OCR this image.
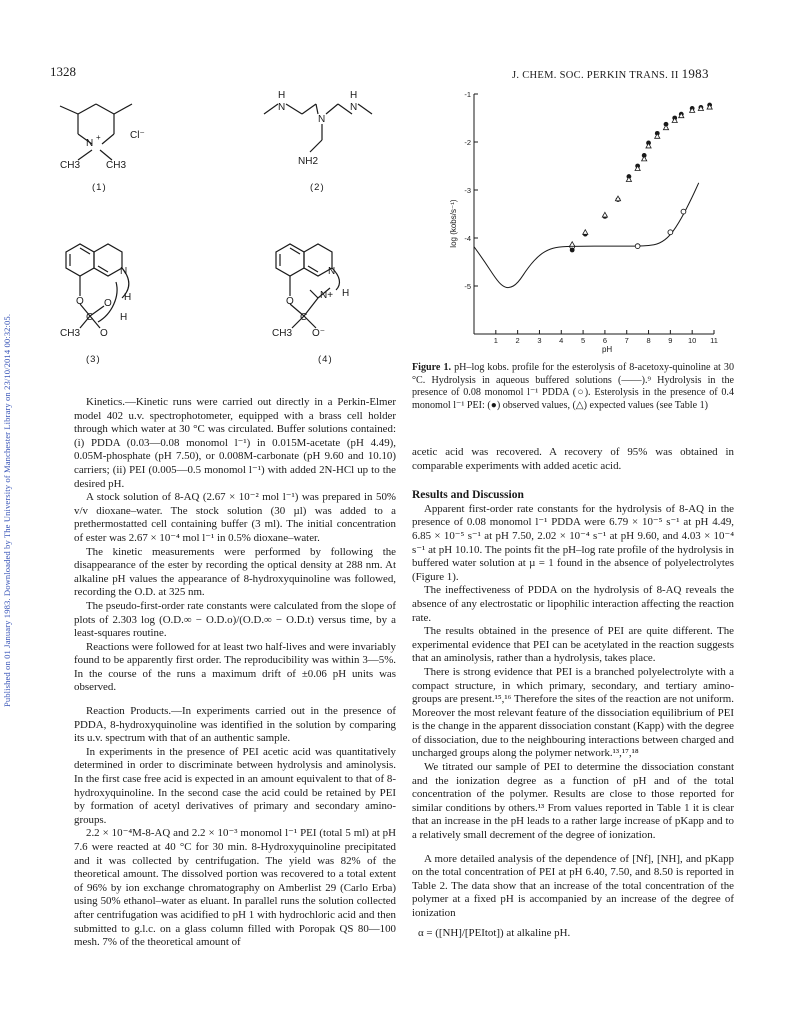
Published on 01 January 1983. Downloaded by The University of Manchester Library on 23/10/2014 00:32:05.
1328	J. CHEM. SOC. PERKIN TRANS. II 1983
N
+	Cl⁻
CH3	CH3
(1)
H
N
H
N
N
NH2
(2)
N
H
O O
H
CH3
C
O
(3)
N
H
O
N+
CH3
C
O⁻
(4)
1 2 3 4 5 6 7 8 9 10 11
-1
-2
-3
-4
-5
pH
log (kobs/s⁻¹)
Figure 1. pH–log kobs. profile for the esterolysis of 8-acetoxy-quinoline at 30 °C. Hydrolysis in aqueous buffered solutions (——).⁹ Hydrolysis in the presence of 0.08 monomol l⁻¹ PDDA (○). Esterolysis in the presence of 0.4 monomol l⁻¹ PEI: (●) observed values, (△) expected values (see Table 1)

Kinetics.—Kinetic runs were carried out directly in a Perkin-Elmer model 402 u.v. spectrophotometer, equipped with a brass cell holder through which water at 30 °C was circulated. Buffer solutions contained: (i) PDDA (0.03—0.08 monomol l⁻¹) in 0.015M-acetate (pH 4.49), 0.05M-phosphate (pH 7.50), or 0.008M-carbonate (pH 9.60 and 10.10) carriers; (ii) PEI (0.005—0.5 monomol l⁻¹) with added 2N-HCl up to the desired pH.

A stock solution of 8-AQ (2.67 × 10⁻² mol l⁻¹) was prepared in 50% v/v dioxane–water. The stock solution (30 µl) was added to a prethermostatted cell containing buffer (3 ml). The initial concentration of ester was 2.67 × 10⁻⁴ mol l⁻¹ in 0.5% dioxane–water.

The kinetic measurements were performed by following the disappearance of the ester by recording the optical density at 288 nm. At alkaline pH values the appearance of 8-hydroxyquinoline was followed, recording the O.D. at 325 nm.

The pseudo-first-order rate constants were calculated from the slope of plots of 2.303 log (O.D.∞ − O.D.o)/(O.D.∞ − O.D.t) versus time, by a least-squares routine.

Reactions were followed for at least two half-lives and were invariably found to be apparently first order. The reproducibility was within 3—5%. In the course of the runs a maximum drift of ±0.06 pH units was observed.

Reaction Products.—In experiments carried out in the presence of PDDA, 8-hydroxyquinoline was identified in the solution by comparing its u.v. spectrum with that of an authentic sample.

In experiments in the presence of PEI acetic acid was quantitatively determined in order to discriminate between hydrolysis and aminolysis. In the first case free acid is expected in an amount equivalent to that of 8-hydroxyquinoline. In the second case the acid could be retained by PEI by formation of acetyl derivatives of primary and secondary amino-groups.

2.2 × 10⁻⁴M-8-AQ and 2.2 × 10⁻³ monomol l⁻¹ PEI (total 5 ml) at pH 7.6 were reacted at 40 °C for 30 min. 8-Hydroxyquinoline precipitated and it was collected by centrifugation. The yield was 82% of the theoretical amount. The dissolved portion was recovered to a total extent of 96% by ion exchange chromatography on Amberlist 29 (Carlo Erba) using 50% ethanol–water as eluant. In parallel runs the solution collected after centrifugation was acidified to pH 1 with hydrochloric acid and then submitted to g.l.c. on a glass column filled with Poropak QS 80—100 mesh. 7% of the theoretical amount of

acetic acid was recovered. A recovery of 95% was obtained in comparable experiments with added acetic acid.

Results and Discussion

Apparent first-order rate constants for the hydrolysis of 8-AQ in the presence of 0.08 monomol l⁻¹ PDDA were 6.79 × 10⁻⁵ s⁻¹ at pH 4.49, 6.85 × 10⁻⁵ s⁻¹ at pH 7.50, 2.02 × 10⁻⁴ s⁻¹ at pH 9.60, and 4.03 × 10⁻⁴ s⁻¹ at pH 10.10. The points fit the pH–log rate profile of the hydrolysis in buffered water solution at µ = 1 found in the absence of polyelectrolytes (Figure 1).

The ineffectiveness of PDDA on the hydrolysis of 8-AQ reveals the absence of any electrostatic or lipophilic interaction affecting the reaction rate.

The results obtained in the presence of PEI are quite different. The experimental evidence that PEI can be acetylated in the reaction suggests that an aminolysis, rather than a hydrolysis, takes place.

There is strong evidence that PEI is a branched polyelectrolyte with a compact structure, in which primary, secondary, and tertiary amino-groups are present.¹⁵,¹⁶ Therefore the sites of the reaction are not uniform. Moreover the most relevant feature of the dissociation equilibrium of PEI is the change in the apparent dissociation constant (Kapp) with the degree of dissociation, due to the neighbouring interactions between charged and uncharged groups along the polymer network.¹³,¹⁷,¹⁸

We titrated our sample of PEI to determine the dissociation constant and the ionization degree as a function of pH and of the total concentration of the polymer. Results are close to those reported for similar conditions by others.¹³ From values reported in Table 1 it is clear that an increase in the pH leads to a rather large increase of pKapp and to a relatively small decrement of the degree of ionization.

A more detailed analysis of the dependence of [Nf], [NH], and pKapp on the total concentration of PEI at pH 6.40, 7.50, and 8.50 is reported in Table 2. The data show that an increase of the total concentration of the polymer at a fixed pH is accompanied by an increase of the degree of ionization

α = ([NH]/[PEItot]) at alkaline pH.
